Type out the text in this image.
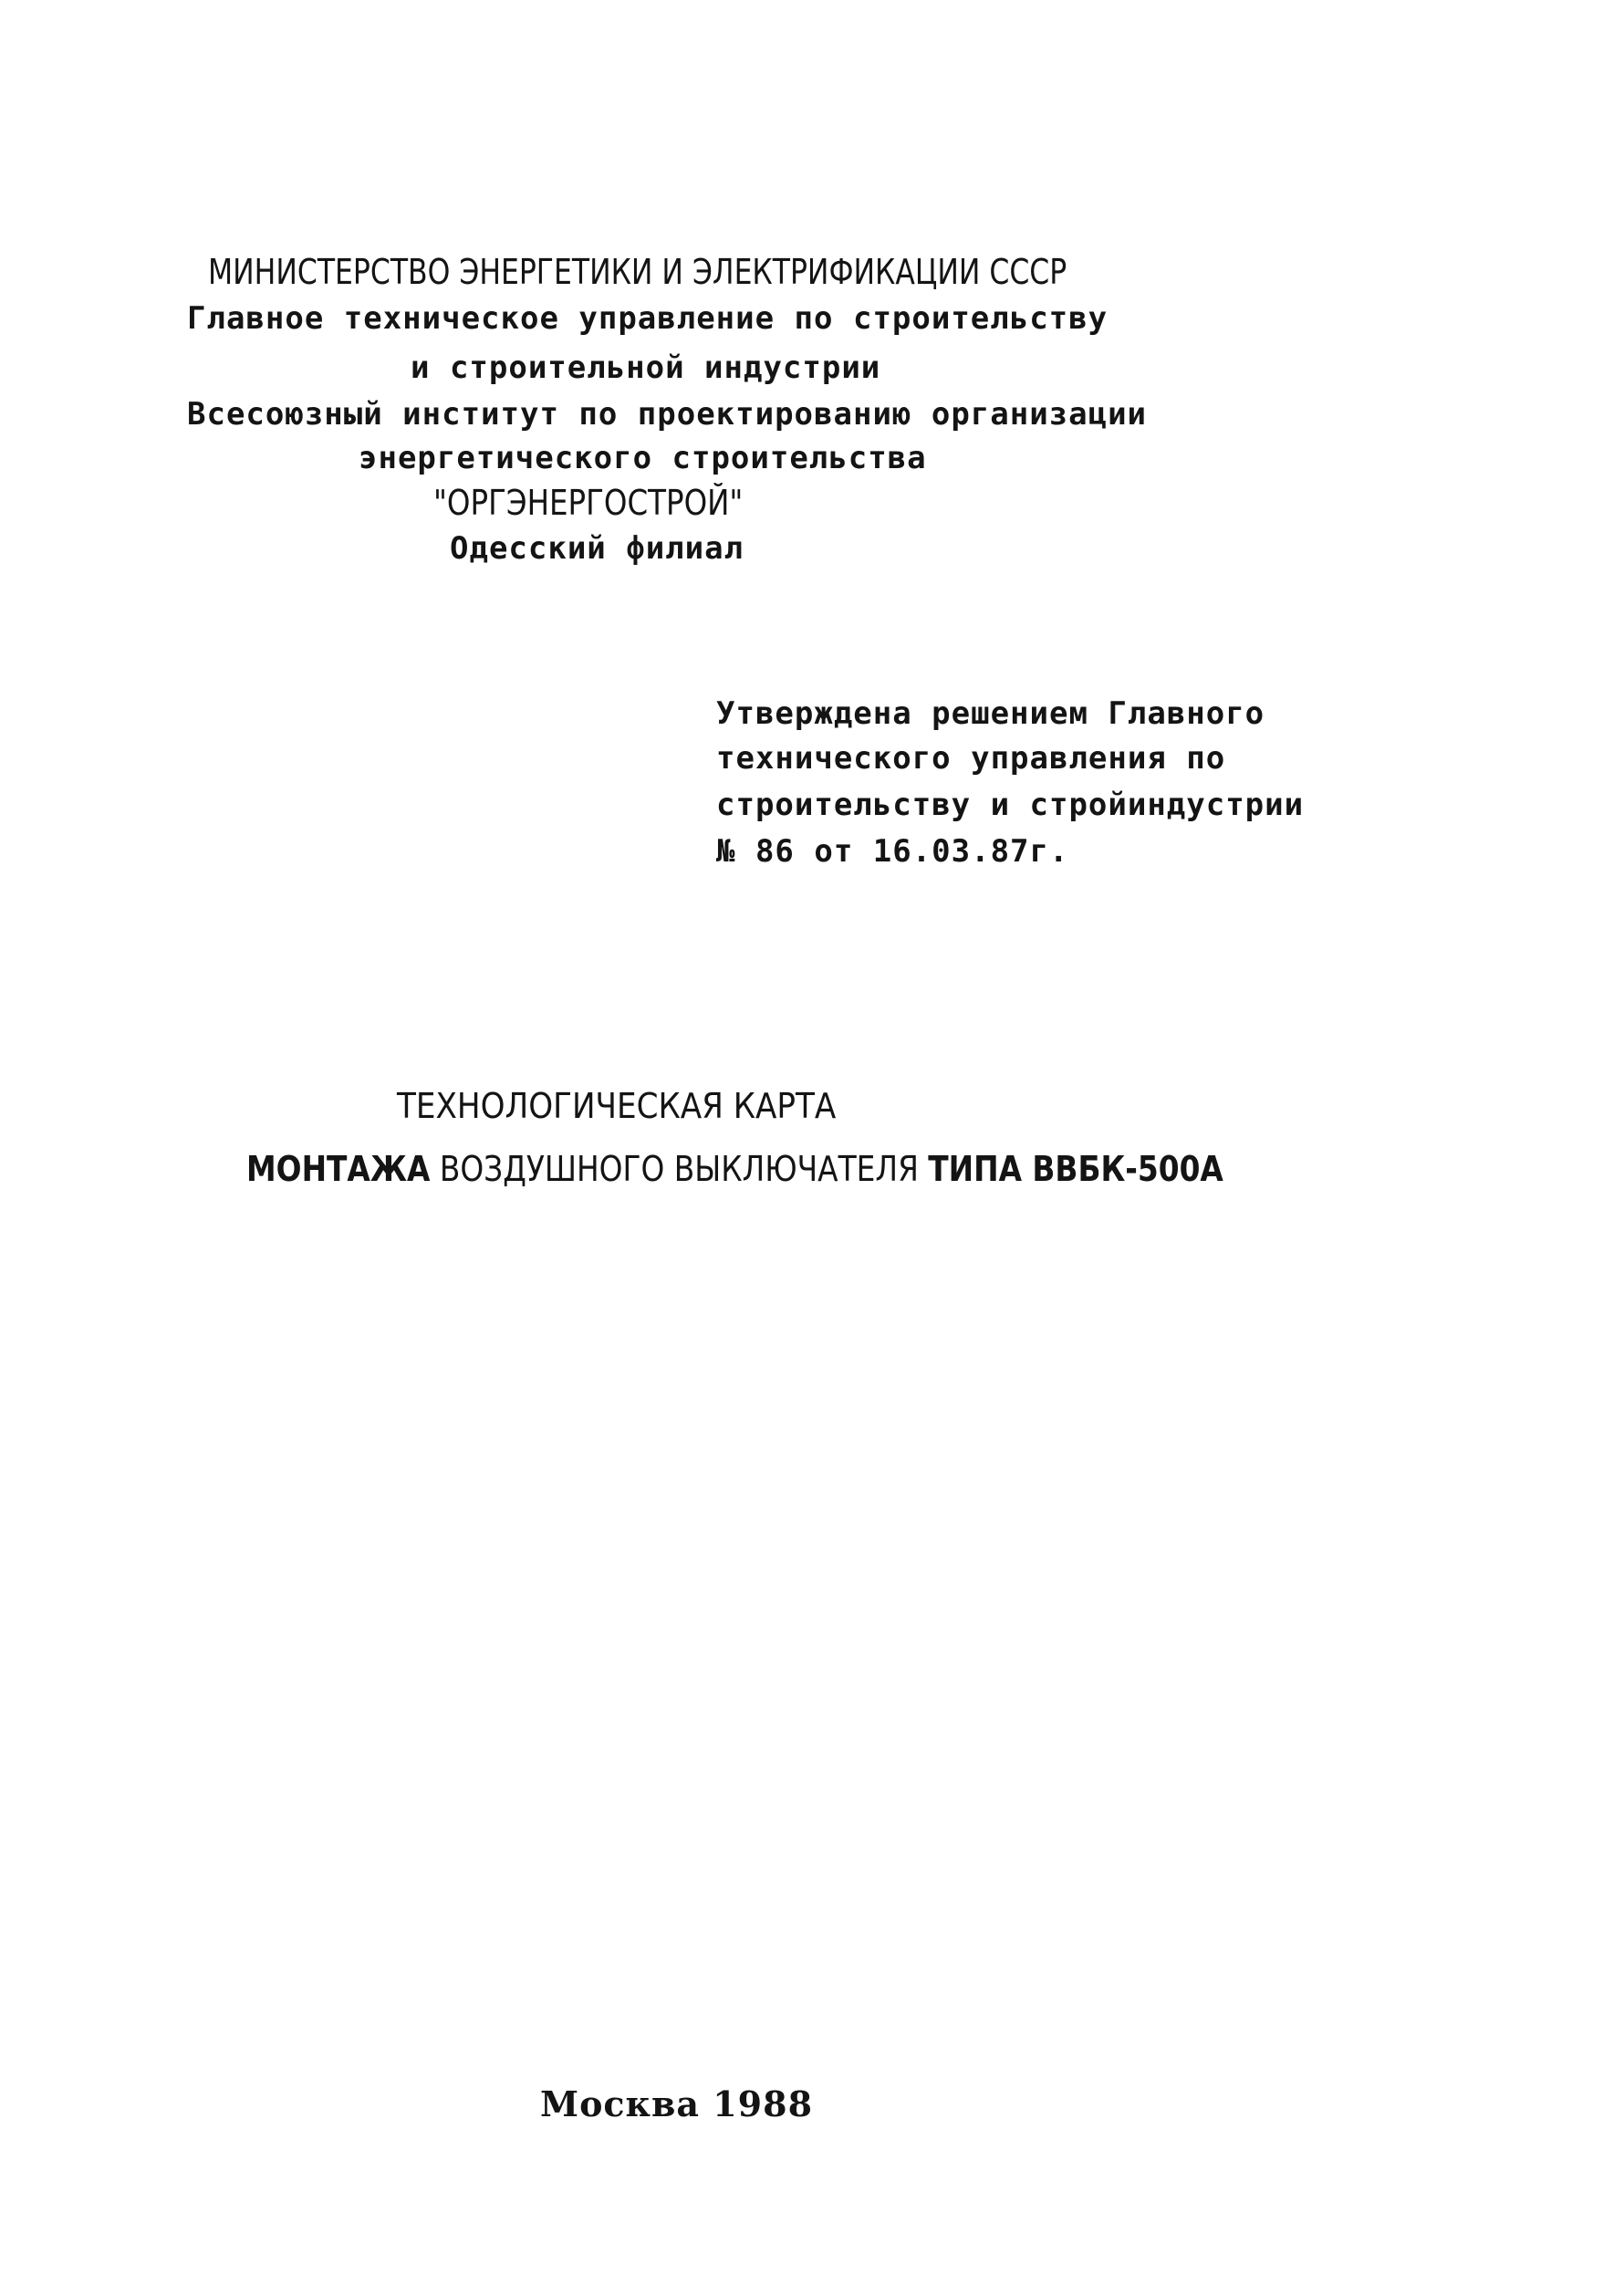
МИНИСТЕРСТВО ЭНЕРГЕТИКИ И ЭЛЕКТРИФИКАЦИИ СССР
Главное техническое управление по строительству
и строительной индустрии
Всесоюзный институт по проектированию организации
энергетического строительства
"ОРГЭНЕРГОСТРОЙ"
Одесский филиал
Утверждена решением Главного
технического управления по
строительству и стройиндустрии
№ 86 от 16.03.87г.
ТЕХНОЛОГИЧЕСКАЯ КАРТА
МОНТАЖА ВОЗДУШНОГО ВЫКЛЮЧАТЕЛЯ ТИПА ВВБК-500А
Москва 1988
